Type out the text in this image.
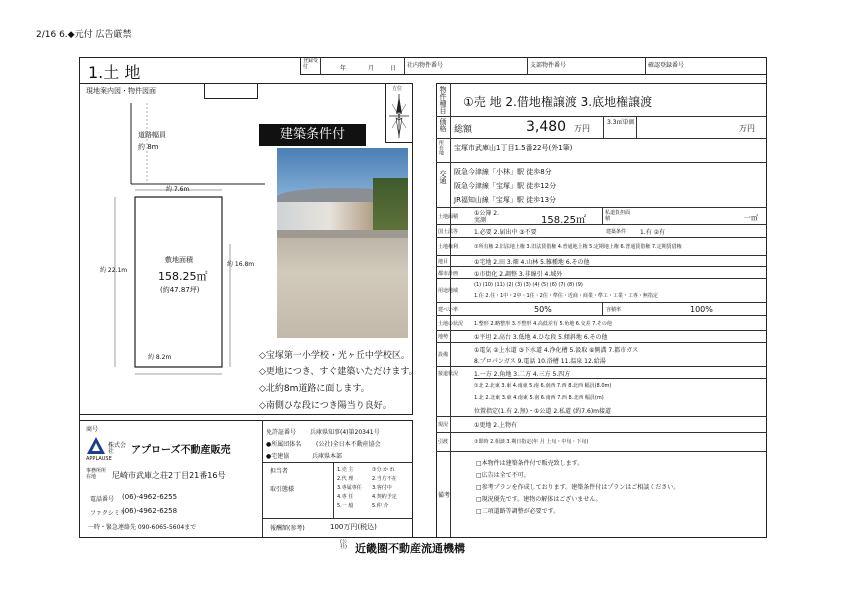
2/16 6.◆元付 広告厳禁
1.土 地
登録受付	年	月	日 社内物件番号	支部物件番号	確認登録番号
現地案内図・物件図面
道路幅員
約 8m
約 7.6m
敷地面積
158.25㎡
(約47.87坪)
約 22.1m
約 16.8m
約 8.2m
建築条件付
方位
◇宝塚第一小学校・光ヶ丘中学校区。
◇更地につき、すぐ建築いただけます。
◇北約8m道路に面します。
◇南側ひな段につき陽当り良好。
商号
APPLAUSE
株式会社	アプローズ不動産販売
事務所所在地	尼崎市武庫之荘2丁目21番16号
電話番号 (06)-4962-6255
ファクシミリ
(06)-4962-6258
一時・緊急連絡先 090-6065-5604まで
免許証番号 兵庫県知事(4)第20341号
●所属団体名 (公社)全日本不動産協会
●宅建協	兵庫県本部
担当者
取引態様
1.売 主
2.代 理
3.専属専任
4.専 任
5.一 般
①分 か れ
2.当方不在
3.客付中
4.契約予定
5.仲 介
報酬額(参考)	100万円(税込)
物件種目 ①売 地 2.借地権譲渡 3.底地権譲渡
価格 総額	3,480 万円
3.3㎡単価
万円
所在地 宝塚市武庫山1丁目1.5番22号(外1筆)
交通 阪急今津線「小林」駅 徒歩8分
阪急今津線「宝塚」駅 徒歩12分
JR福知山線「宝塚」駅 徒歩13分
土地面積	①公簿 2.実測	158.25㎡
私道負担面積	一㎡
国土法等	1.必要 2.届出中 ③不要	建築条件 1.有 ②有
土地権利	①所有権 2.旧法地上権 3.旧法賃借権 4.普通地上権 5.定期地上権 6.普通賃借権 7.定期賃借権
地目	①宅地 2.田 3.畑 4.山林 5.雑種地 6.その他
都市計画	①市街化 2.調整 3.非線引 4.域外
用途地域
(1) (10) (11) (2) (3) (3) (4) (5) (6) (7) (8) (9)
1.住 2.住・1中・2中・1住・2住・準住・近商・商業・準工・工業・工専・無指定
建ぺい率	50%	容積率	100%
土地の状況 1.整形 2.略整形 3.不整形 4.高低差有 5.角地 6.交差 7.その他
地勢	①平坦 2.高台 3.低地 4.ひな段 5.傾斜地 6.その他
設備
①電気 ②上水道 ③下水道 4.浄化槽 5.汲取 ⑥側溝 7.都市ガス
8.プロパンガス 9.電話 10.浴槽 11.温泉 12.給湯
接道状況	1.一方 2.角地 3.二方 4.三方 5.四方
①北 2.北東 3.東 4.南東 5.南 6.南西 7.西 8.北西 幅員(8.0m)
1.北 2.北東 3.東 4.南東 5.南 6.南西 7.西 8.北西 幅員(m)
位置指定(1.有 2.無)・①公道 2.私道 (約7.6)m接道
現況	①更地 2.上物有
引渡	①即時 2.相談 3.期日指定(年 月 上旬・中旬・下旬)
備考
□本物件は建築条件付で販売致します。
□広告は全て不可。
□参考プランを作成しております。建築条件付はプランはご相談ください。
□現況優先です。建物の解体はございません。
□二項道路等調整が必要です。
(公社) 近畿圏不動産流通機構
